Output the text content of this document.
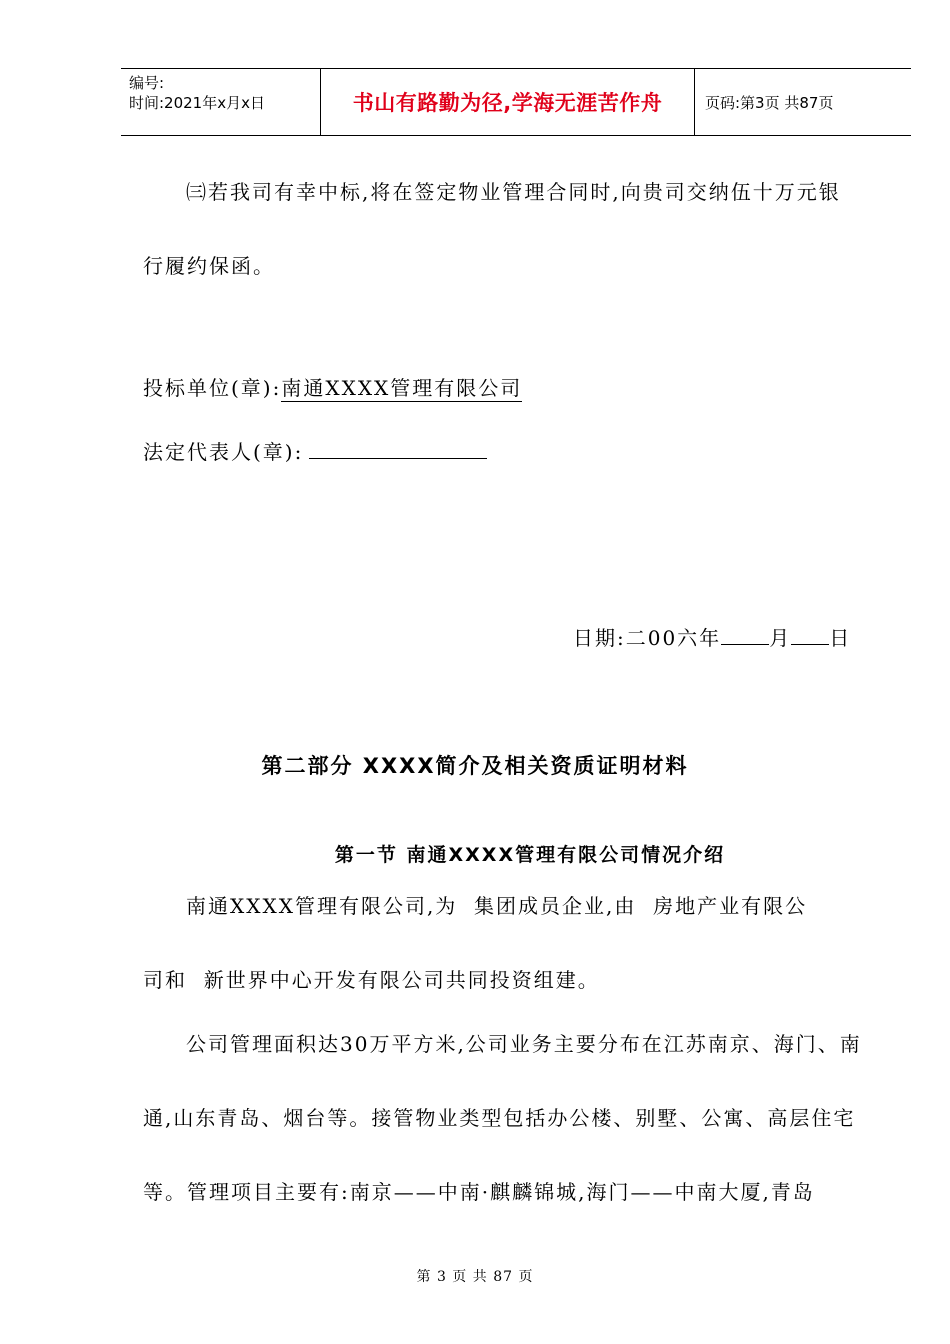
编号:
时间:2021年x月x日	书山有路勤为径,学海无涯苦作舟	页码:第3页 共87页
㈢若我司有幸中标,将在签定物业管理合同时,向贵司交纳伍十万元银
行履约保函。
投标单位(章):南通XXXX管理有限公司
法定代表人(章):
日期:二00六年 月 日
第二部分 XXXX简介及相关资质证明材料
第一节 南通XXXX管理有限公司情况介绍
南通XXXX管理有限公司,为  集团成员企业,由  房地产业有限公
司和  新世界中心开发有限公司共同投资组建。
公司管理面积达30万平方米,公司业务主要分布在江苏南京、海门、南
通,山东青岛、烟台等。接管物业类型包括办公楼、别墅、公寓、高层住宅
等。管理项目主要有:南京——中南·麒麟锦城,海门——中南大厦,青岛
第 3 页 共 87 页
